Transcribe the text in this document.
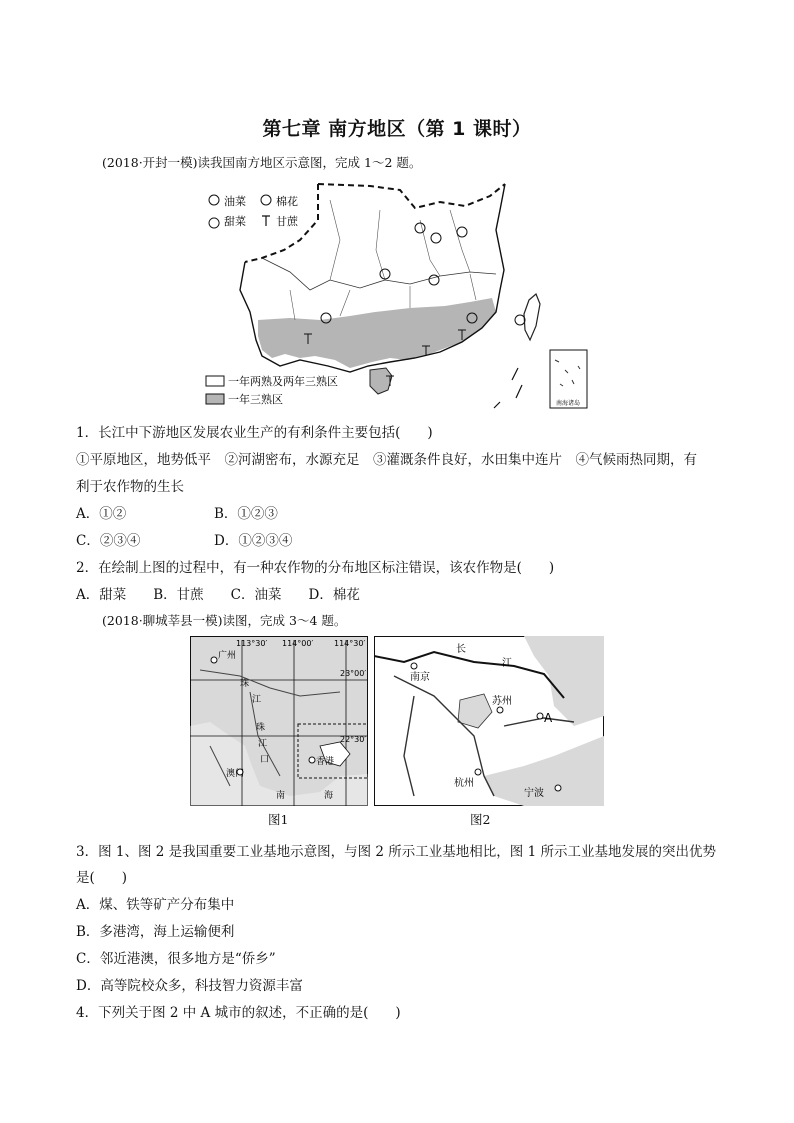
第七章 南方地区（第 1 课时）
(2018·开封一模)读我国南方地区示意图，完成 1～2 题。
油菜	棉花
甜菜	甘蔗
一年两熟及两年三熟区
一年三熟区	南海诸岛
1．长江中下游地区发展农业生产的有利条件主要包括(　　)
①平原地区，地势低平　②河湖密布，水源充足　③灌溉条件良好，水田集中连片　④气候雨热同期，有
利于农作物的生长
A．①②	B．①②③
C．②③④	D．①②③④
2．在绘制上图的过程中，有一种农作物的分布地区标注错误，该农作物是(　　)
A．甜菜　　B．甘蔗　　C．油菜　　D．棉花
(2018·聊城莘县一模)读图，完成 3～4 题。
113°30′ 114°00′	114°30′
23°00′
22°30′
广州
珠
江
珠
江
口
澳门
香港
南	海
图1
长
江
南京
苏州
A
杭州
宁波
图2
3．图 1、图 2 是我国重要工业基地示意图，与图 2 所示工业基地相比，图 1 所示工业基地发展的突出优势
是(　　)
A．煤、铁等矿产分布集中
B．多港湾，海上运输便利
C．邻近港澳，很多地方是“侨乡”
D．高等院校众多，科技智力资源丰富
4．下列关于图 2 中 A 城市的叙述，不正确的是(　　)
